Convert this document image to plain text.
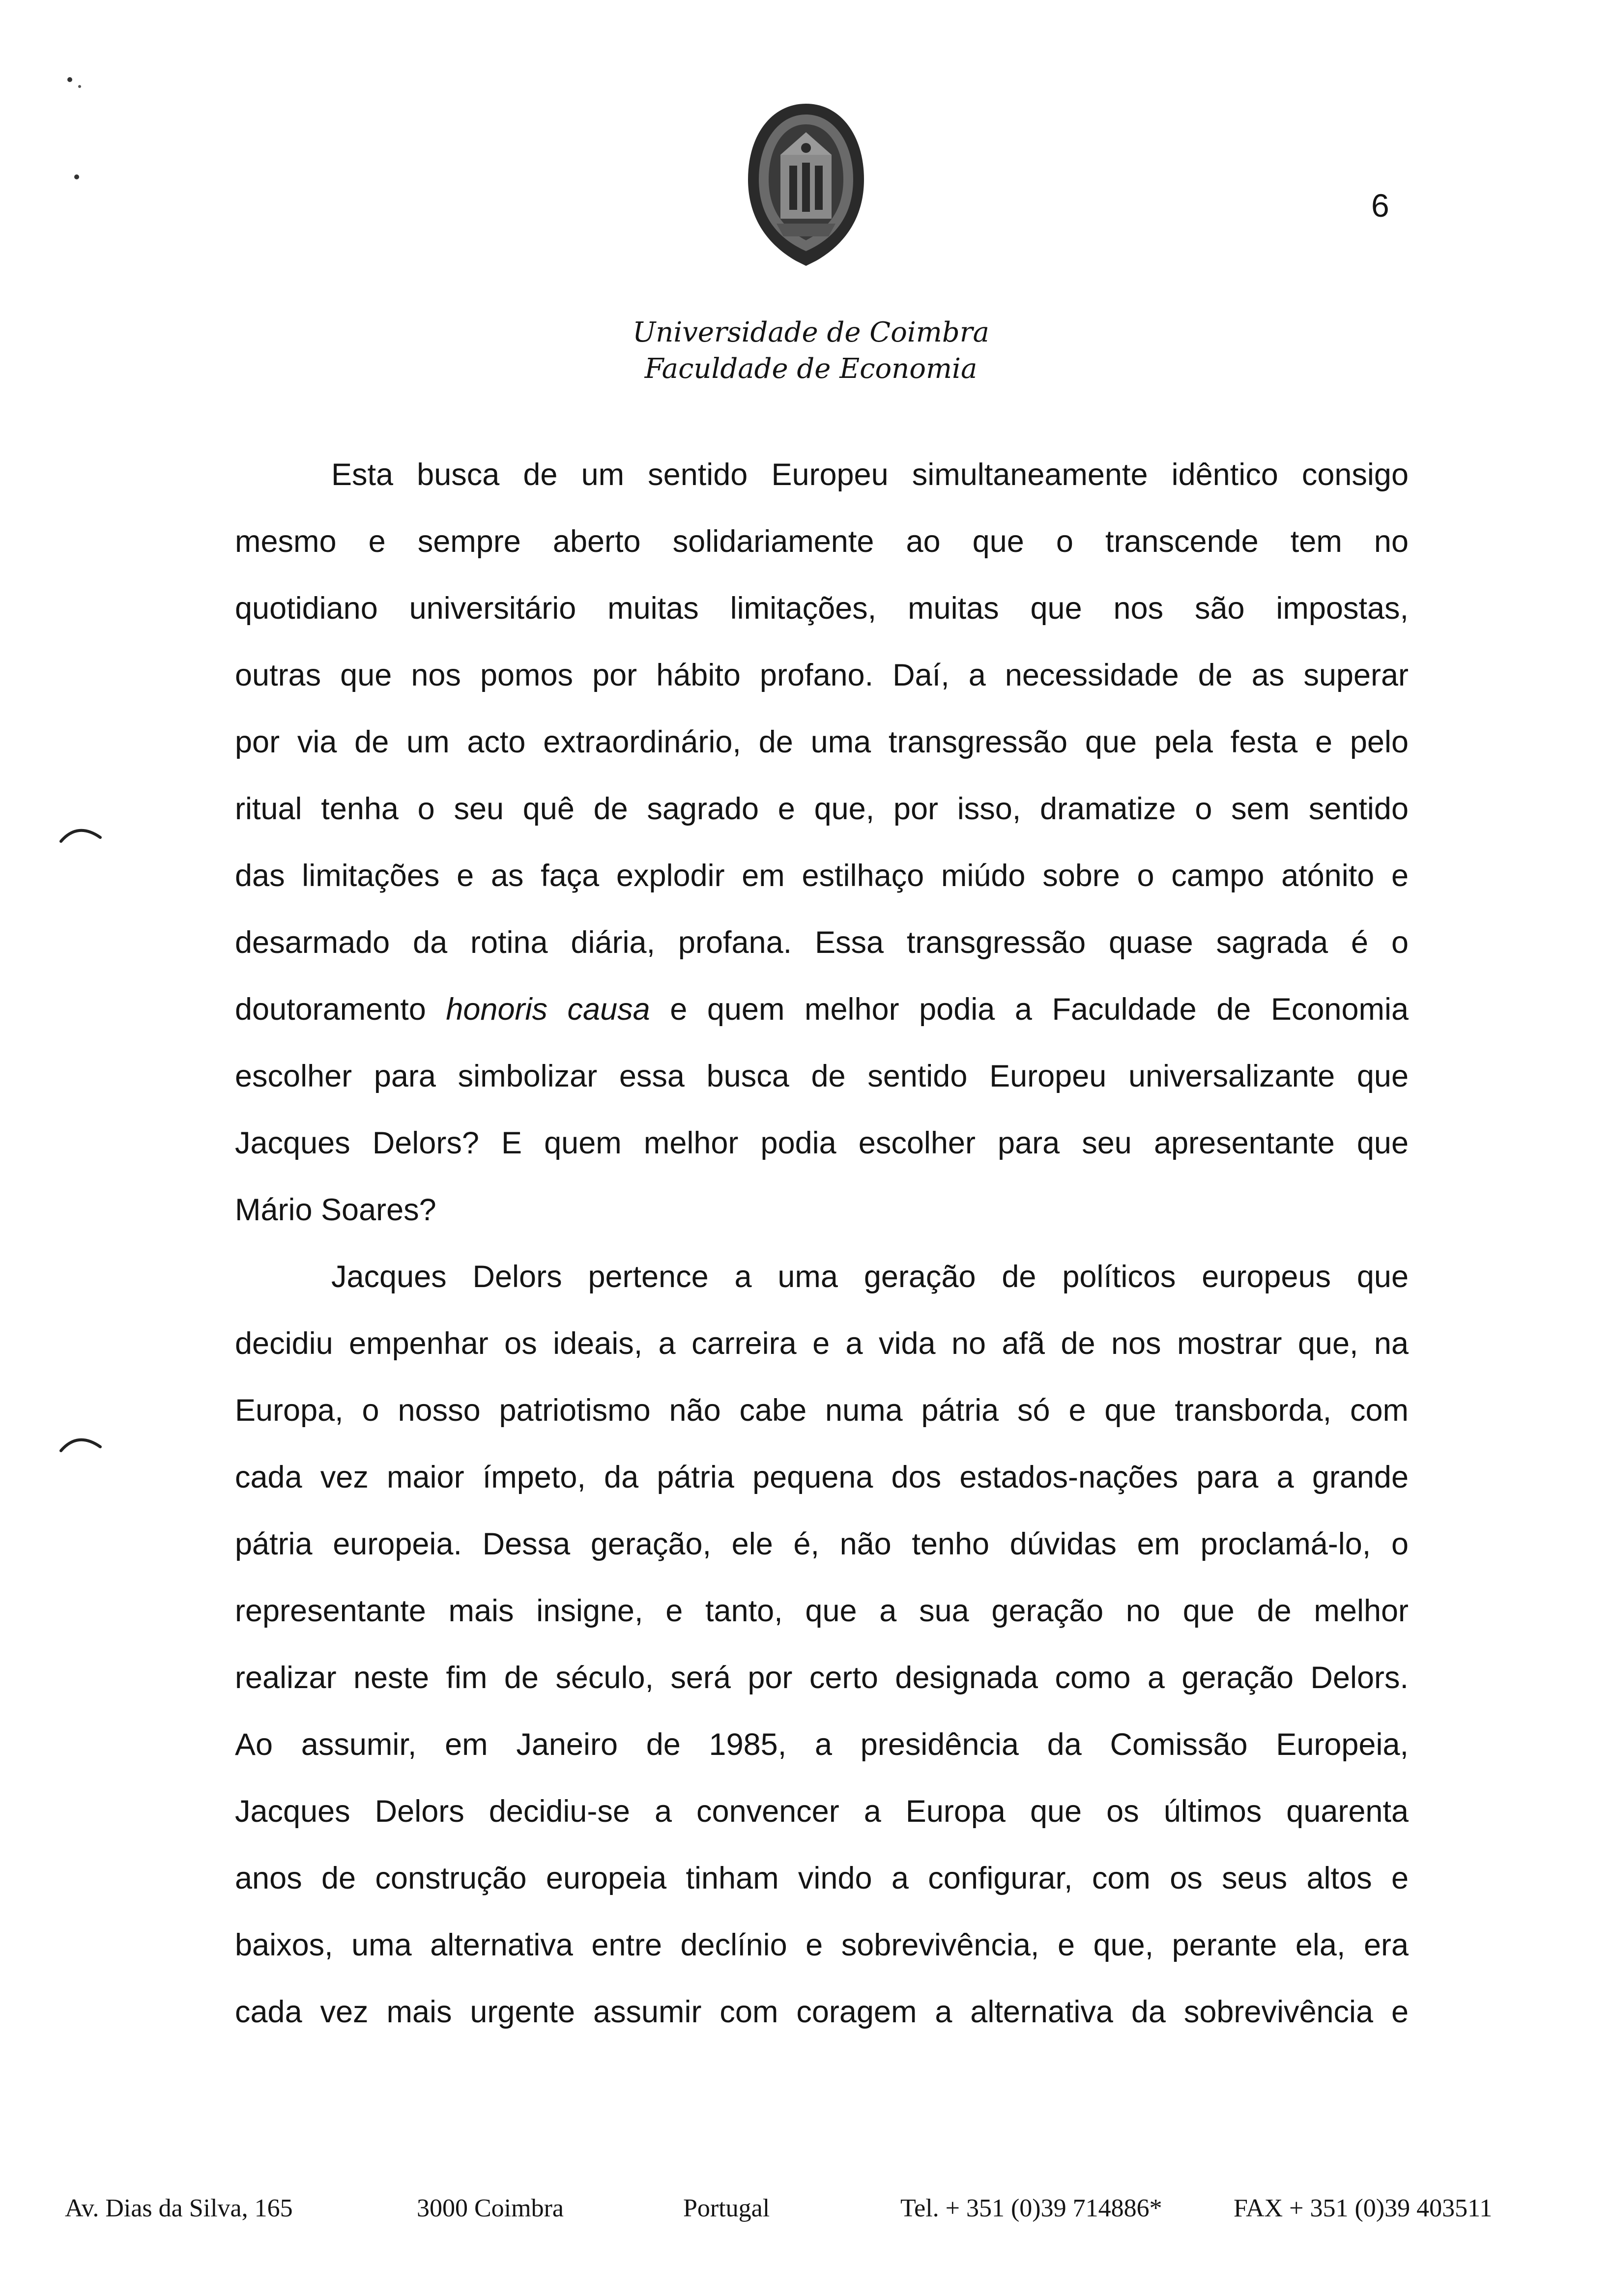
6
Universidade de Coimbra
Faculdade de Economia
Esta busca de um sentido Europeu simultaneamente idêntico consigo
mesmo e sempre aberto solidariamente ao que o transcende tem no
quotidiano universitário muitas limitações, muitas que nos são impostas,
outras que nos pomos por hábito profano. Daí, a necessidade de as superar
por via de um acto extraordinário, de uma transgressão que pela festa e pelo
ritual tenha o seu quê de sagrado e que, por isso, dramatize o sem sentido
das limitações e as faça explodir em estilhaço miúdo sobre o campo atónito e
desarmado da rotina diária, profana. Essa transgressão quase sagrada é o
doutoramento honoris causa e quem melhor podia a Faculdade de Economia
escolher para simbolizar essa busca de sentido Europeu universalizante que
Jacques Delors? E quem melhor podia escolher para seu apresentante que
Mário Soares?
Jacques Delors pertence a uma geração de políticos europeus que
decidiu empenhar os ideais, a carreira e a vida no afã de nos mostrar que, na
Europa, o nosso patriotismo não cabe numa pátria só e que transborda, com
cada vez maior ímpeto, da pátria pequena dos estados-nações para a grande
pátria europeia. Dessa geração, ele é, não tenho dúvidas em proclamá-lo, o
representante mais insigne, e tanto, que a sua geração no que de melhor
realizar neste fim de século, será por certo designada como a geração Delors.
Ao assumir, em Janeiro de 1985, a presidência da Comissão Europeia,
Jacques Delors decidiu-se a convencer a Europa que os últimos quarenta
anos de construção europeia tinham vindo a configurar, com os seus altos e
baixos, uma alternativa entre declínio e sobrevivência, e que, perante ela, era
cada vez mais urgente assumir com coragem a alternativa da sobrevivência e
Av. Dias da Silva, 165	3000 Coimbra	Portugal	Tel. + 351 (0)39 714886*	FAX + 351 (0)39 403511
